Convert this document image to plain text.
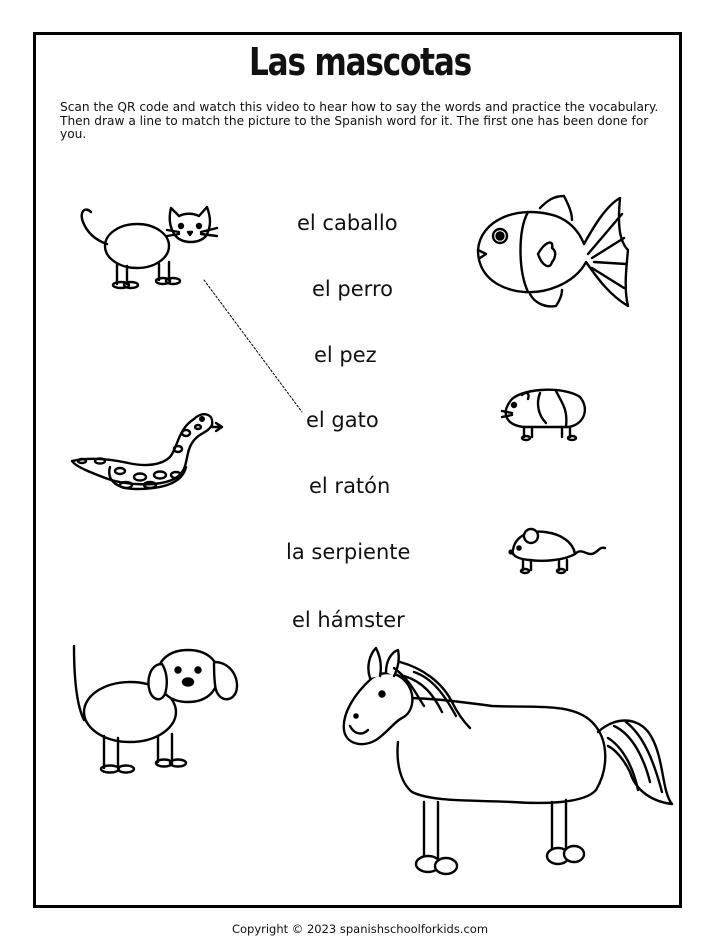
Las mascotas
Scan the QR code and watch this video to hear how to say the words and practice the vocabulary. Then draw a line to match the picture to the Spanish word for it. The first one has been done for you.
el caballo
el perro
el pez
el gato
el ratón
la serpiente
el hámster
Copyright © 2023 spanishschoolforkids.com
